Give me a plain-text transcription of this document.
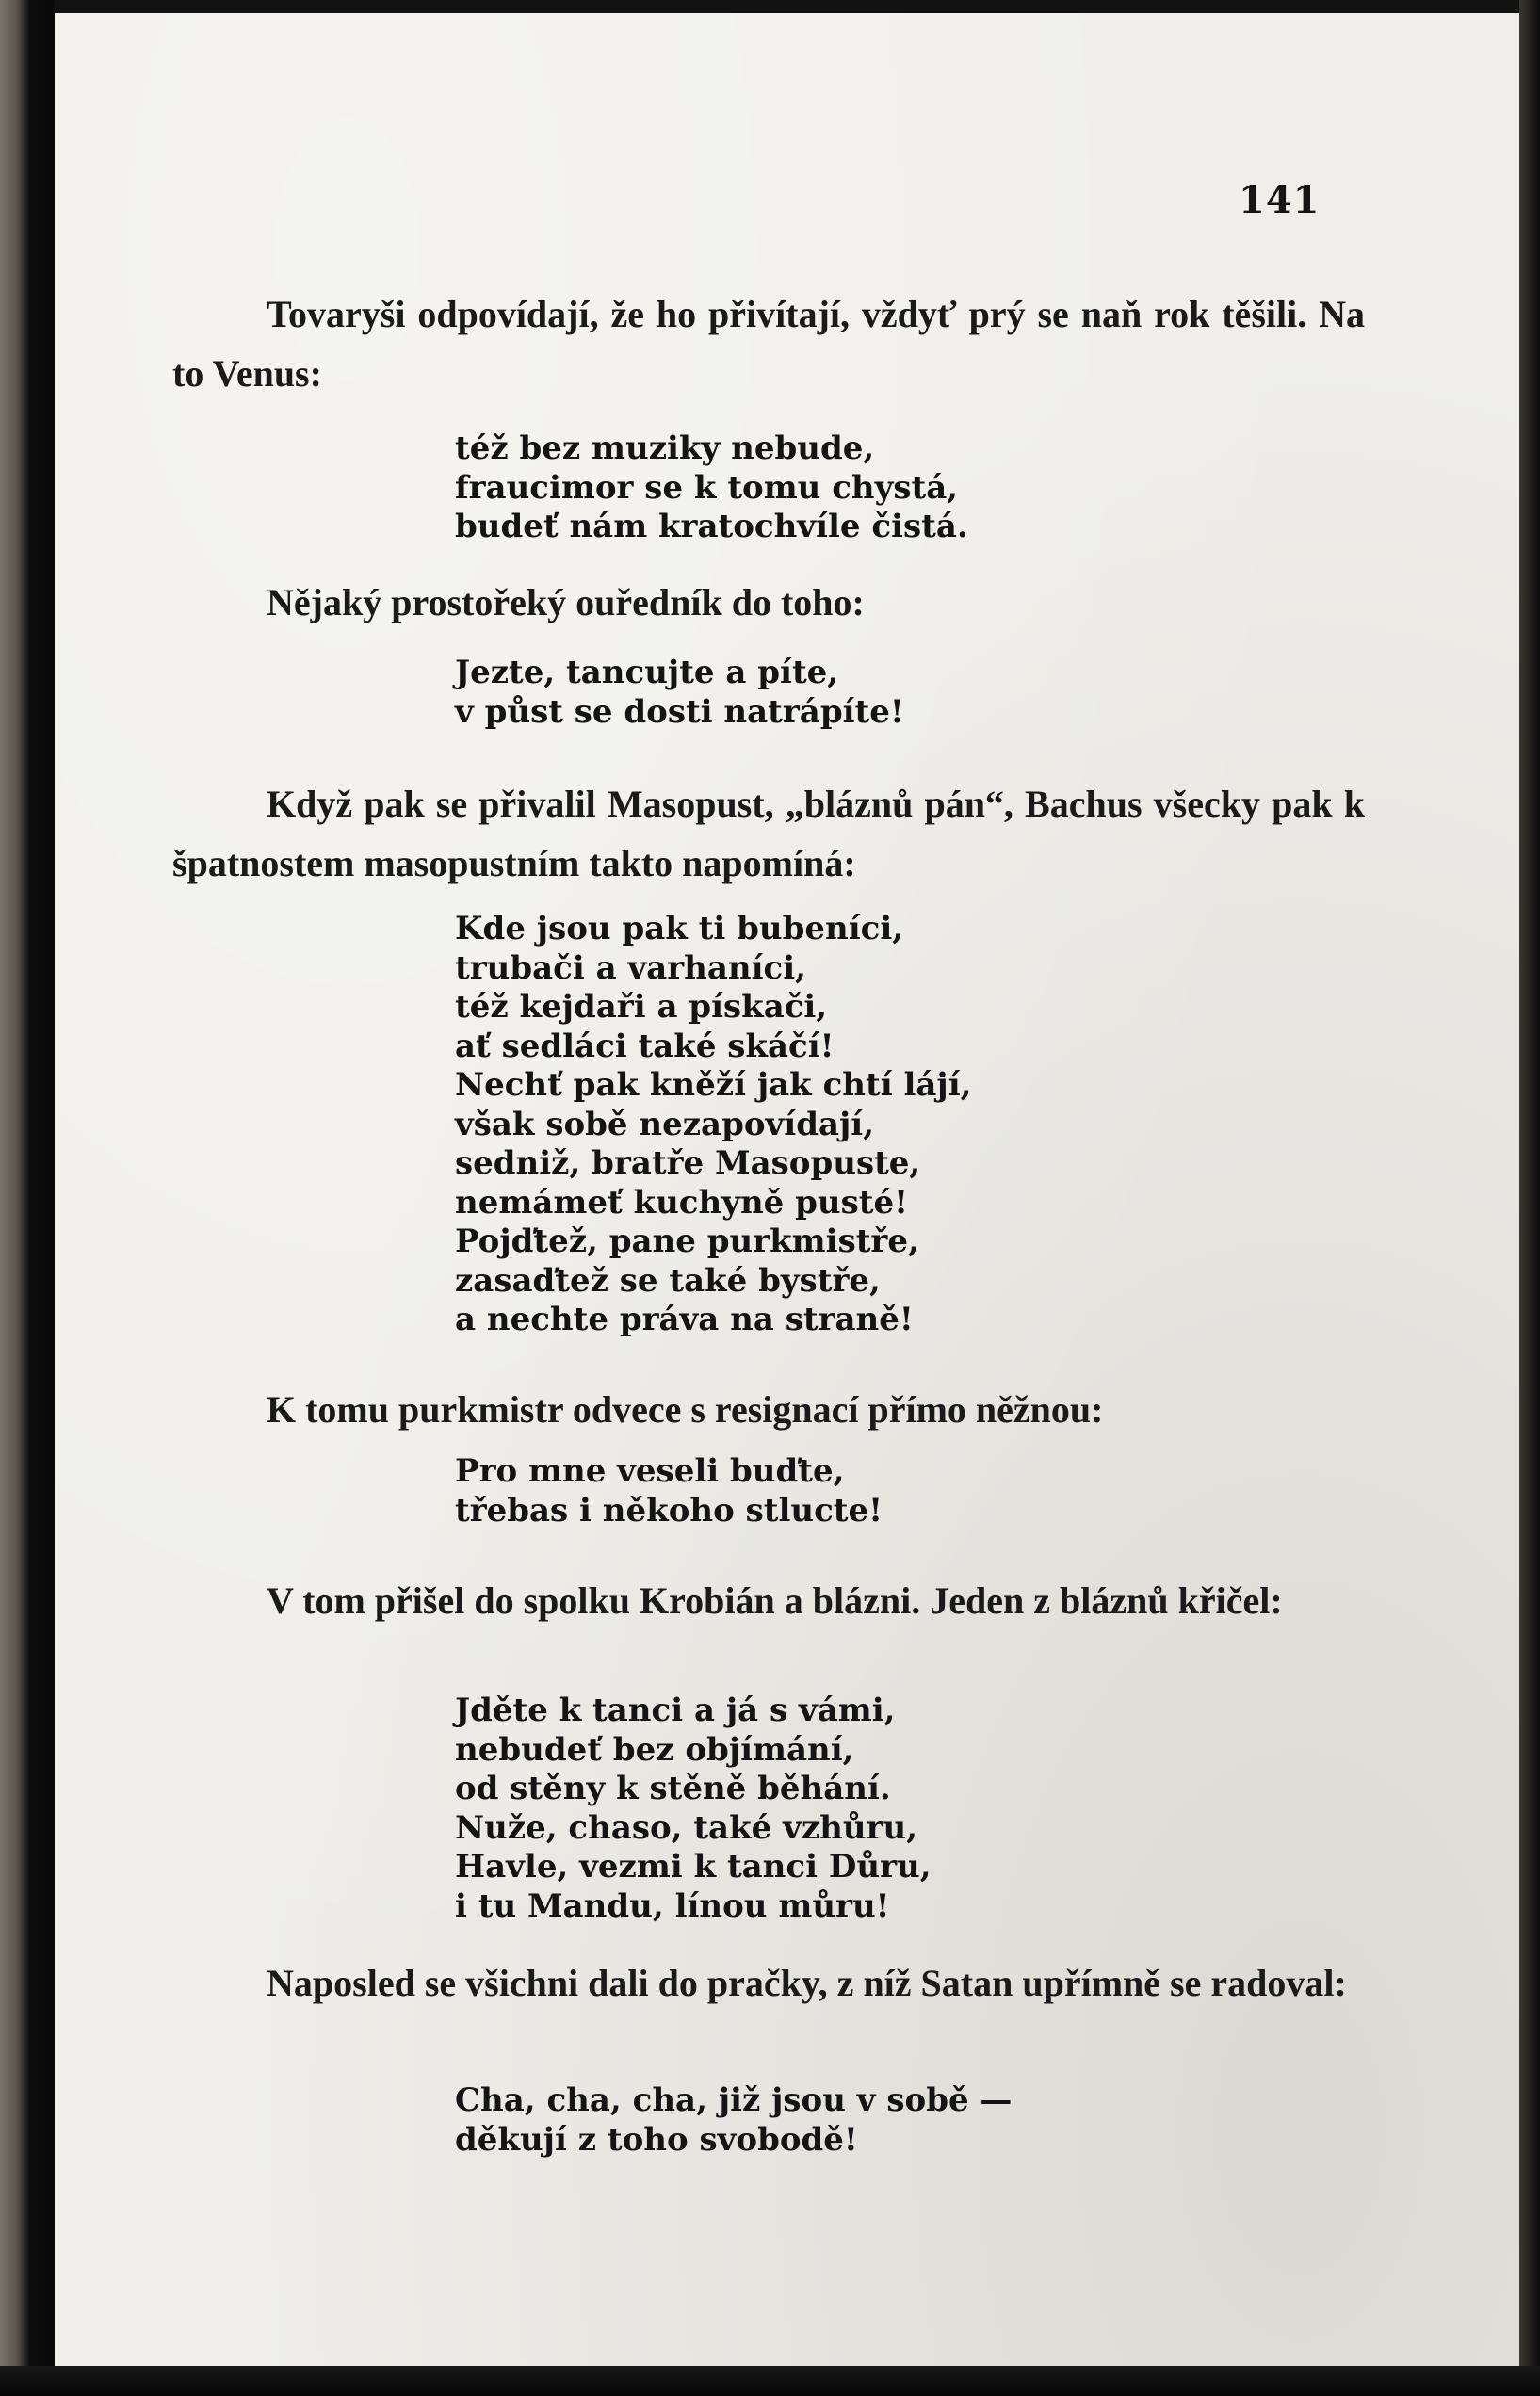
141

Tovaryši odpovídají, že ho přivítají, vždyť prý se naň rok těšili. Na to Venus:

též bez muziky nebude,
fraucimor se k tomu chystá,
budeť nám kratochvíle čistá.

Nějaký prostořeký ouředník do toho:

Jezte, tancujte a píte,
v půst se dosti natrápíte!

Když pak se přivalil Masopust, „bláznů pán“, Bachus všecky pak k špatnostem masopustním takto napomíná:

Kde jsou pak ti bubeníci,
trubači a varhaníci,
též kejdaři a pískači,
ať sedláci také skáčí!
Nechť pak kněží jak chtí lájí,
však sobě nezapovídají,
sedniž, bratře Masopuste,
nemámeť kuchyně pusté!
Pojďtež, pane purkmistře,
zasaďtež se také bystře,
a nechte práva na straně!

K tomu purkmistr odvece s resignací přímo něžnou:

Pro mne veseli buďte,
třebas i někoho stlucte!

V tom přišel do spolku Krobián a blázni. Jeden z bláznů křičel:

Jděte k tanci a já s vámi,
nebudeť bez objímání,
od stěny k stěně běhání.
Nuže, chaso, také vzhůru,
Havle, vezmi k tanci Důru,
i tu Mandu, línou můru!

Naposled se všichni dali do pračky, z níž Satan upřímně se radoval:

Cha, cha, cha, již jsou v sobě —
děkují z toho svobodě!
